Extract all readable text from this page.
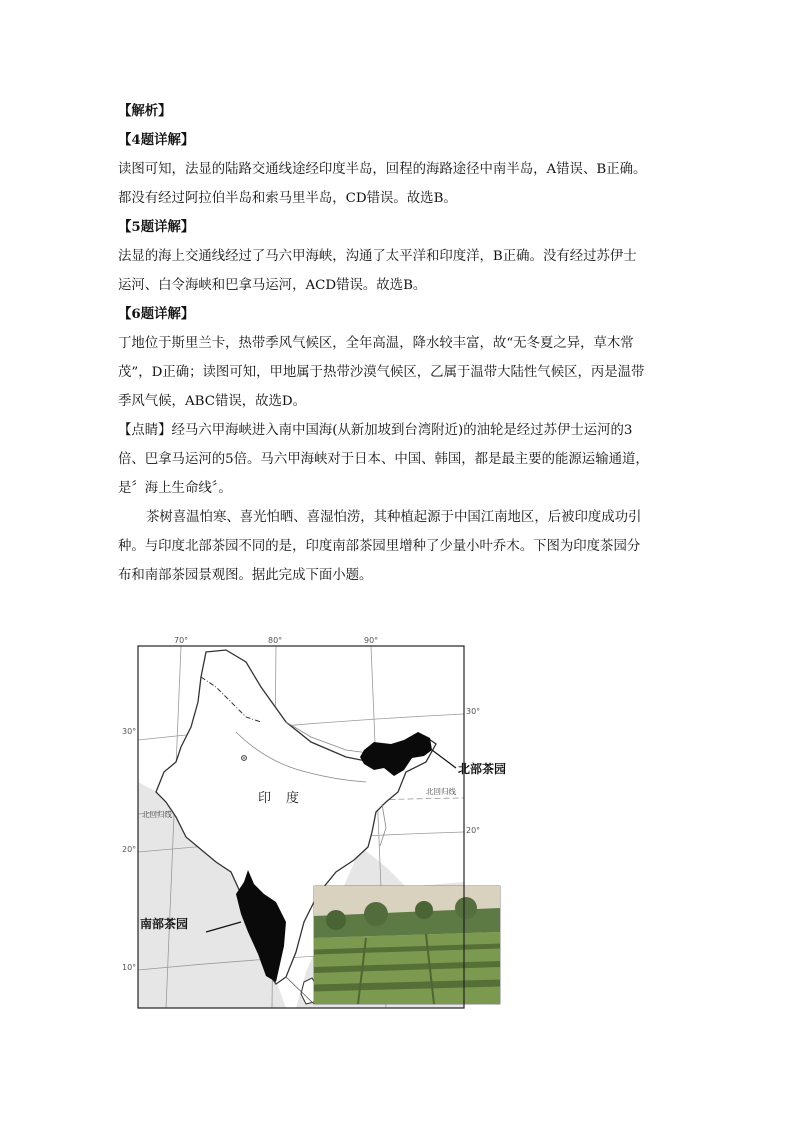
【解析】
【4题详解】
读图可知，法显的陆路交通线途经印度半岛，回程的海路途径中南半岛，A错误、B正确。
都没有经过阿拉伯半岛和索马里半岛，CD错误。故选B。
【5题详解】
法显的海上交通线经过了马六甲海峡，沟通了太平洋和印度洋，B正确。没有经过苏伊士
运河、白令海峡和巴拿马运河，ACD错误。故选B。
【6题详解】
丁地位于斯里兰卡，热带季风气候区，全年高温，降水较丰富，故“无冬夏之异，草木常
茂”，D正确；读图可知，甲地属于热带沙漠气候区，乙属于温带大陆性气候区，丙是温带
季风气候，ABC错误，故选D。
【点睛】经马六甲海峡进入南中国海(从新加坡到台湾附近)的油轮是经过苏伊士运河的3
倍、巴拿马运河的5倍。马六甲海峡对于日本、中国、韩国，都是最主要的能源运输通道，
是〞海上生命线〞。
茶树喜温怕寒、喜光怕晒、喜湿怕涝，其种植起源于中国江南地区，后被印度成功引
种。与印度北部茶园不同的是，印度南部茶园里增种了少量小叶乔木。下图为印度茶园分
布和南部茶园景观图。据此完成下面小题。
70°	80°	90°
30°
20°
10°
30°
20°
印 度
北回归线
北回归线
北部茶园
南部茶园
